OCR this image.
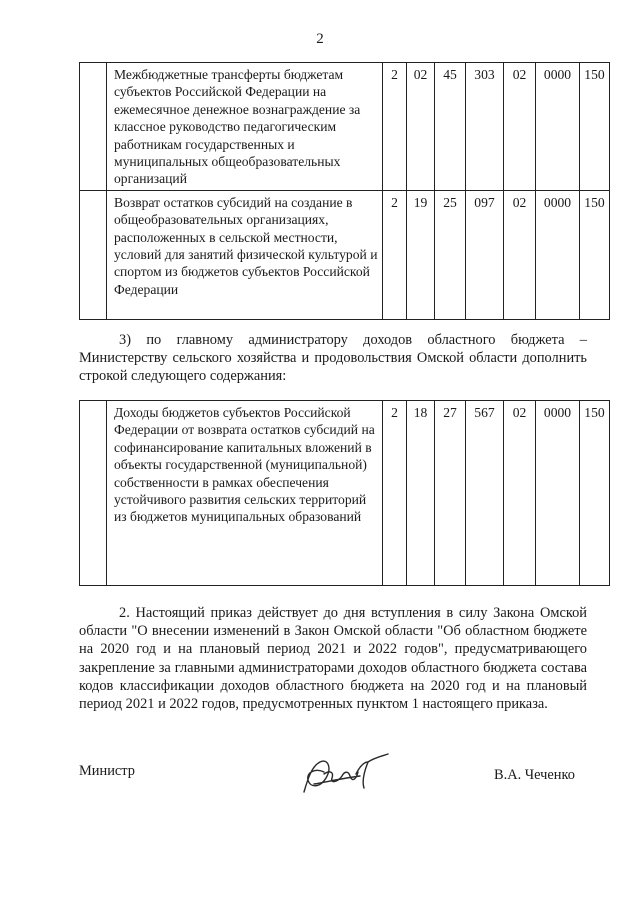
2
	Межбюджетные трансферты бюджетам субъектов Российской Федерации на ежемесячное денежное вознаграждение за классное руководство педагогическим работникам государственных и муниципальных общеобразовательных организаций	2	02	45	303	02	0000	150
	Возврат остатков субсидий на создание в общеобразовательных организациях, расположенных в сельской местности, условий для занятий физической культурой и спортом из бюджетов субъектов Российской Федерации	2	19	25	097	02	0000	150

3) по главному администратору доходов областного бюджета – Министерству сельского хозяйства и продовольствия Омской области дополнить строкой следующего содержания:

	Доходы бюджетов субъектов Российской Федерации от возврата остатков субсидий на софинансирование капитальных вложений в объекты государственной (муниципальной) собственности в рамках обеспечения устойчивого развития сельских территорий из бюджетов муниципальных образований	2	18	27	567	02	0000	150

2. Настоящий приказ действует до дня вступления в силу Закона Омской области "О внесении изменений в Закон Омской области "Об областном бюджете на 2020 год и на плановый период 2021 и 2022 годов", предусматривающего закрепление за главными администраторами доходов областного бюджета состава кодов классификации доходов областного бюджета на 2020 год и на плановый период 2021 и 2022 годов, предусмотренных пунктом 1 настоящего приказа.

Министр	В.А. Чеченко
